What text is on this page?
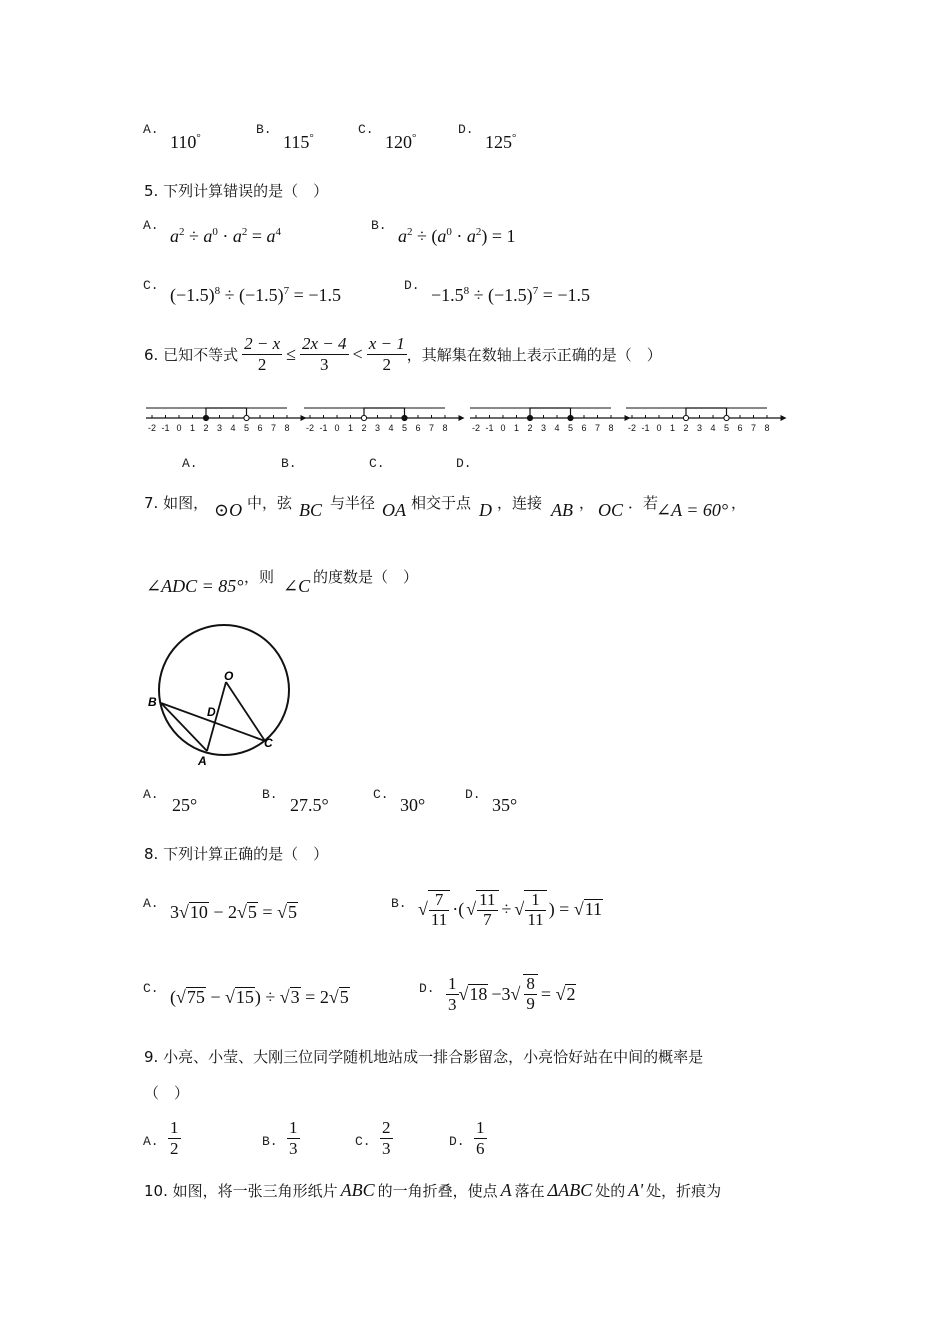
A.
110°
B.
115°
C.
120°
D.
125°
5. 下列计算错误的是（　）
A.
$a^2 \div a^0 \cdot a^2 = a^4$	B.
$a^2 \div (a^0 \cdot a^2) = 1$
C. $(-1.5)^8 \div (-1.5)^7 = -1.5$	D. $-1.5^8 \div (-1.5)^7 = -1.5$
6. 已知不等式 $\frac{2 - x}{2} \le \frac{2x - 4}{3} < \frac{x - 1}{2}$ ，其解集在数轴上表示正确的是（　）
-2 -1 0 1 2 3 4 5 6 7 8 -2 -1 0 1 2 3 4 5 6 7 8	-2 -1 0 1 2 3 4 5 6 7 8 -2 -1 0 1 2 3 4 5 6 7 8
A.	B.	C.	D.
7. 如图， ⊙O 中，弦 BC 与半径 OA 相交于点 D ，连接 AB ， OC ．若
∠A = 60° ，
∠ADC = 85° ，则 ∠C 的度数是（　）
O
B
D
C
A
A.
25°
B.
27.5°
C.
30°
D.
35°
8. 下列计算正确的是（　）
A. 3√10 − 2√5 = √5	B. √ $\frac{7}{11}$ ·( √ $\frac{11}{7}$ ÷ √ $\frac{1}{11}$ ) = √ 11
C. (√75 − √15) ÷ √3 = 2√5	D. $\frac{1}{3}$ √ $18 -3√ \frac{8}{9}$ = √ 2
9. 小亮、小莹、大刚三位同学随机地站成一排合影留念，小亮恰好站在中间的概率是
（　）
A. $\frac{1}{2}$	B. $\frac{1}{3}$	C. $\frac{2}{3}$	D. $\frac{1}{6}$
10. 如图，将一张三角形纸片 ABC 的一角折叠，使点 A 落在 ΔABC 处的 A' 处，折痕为
